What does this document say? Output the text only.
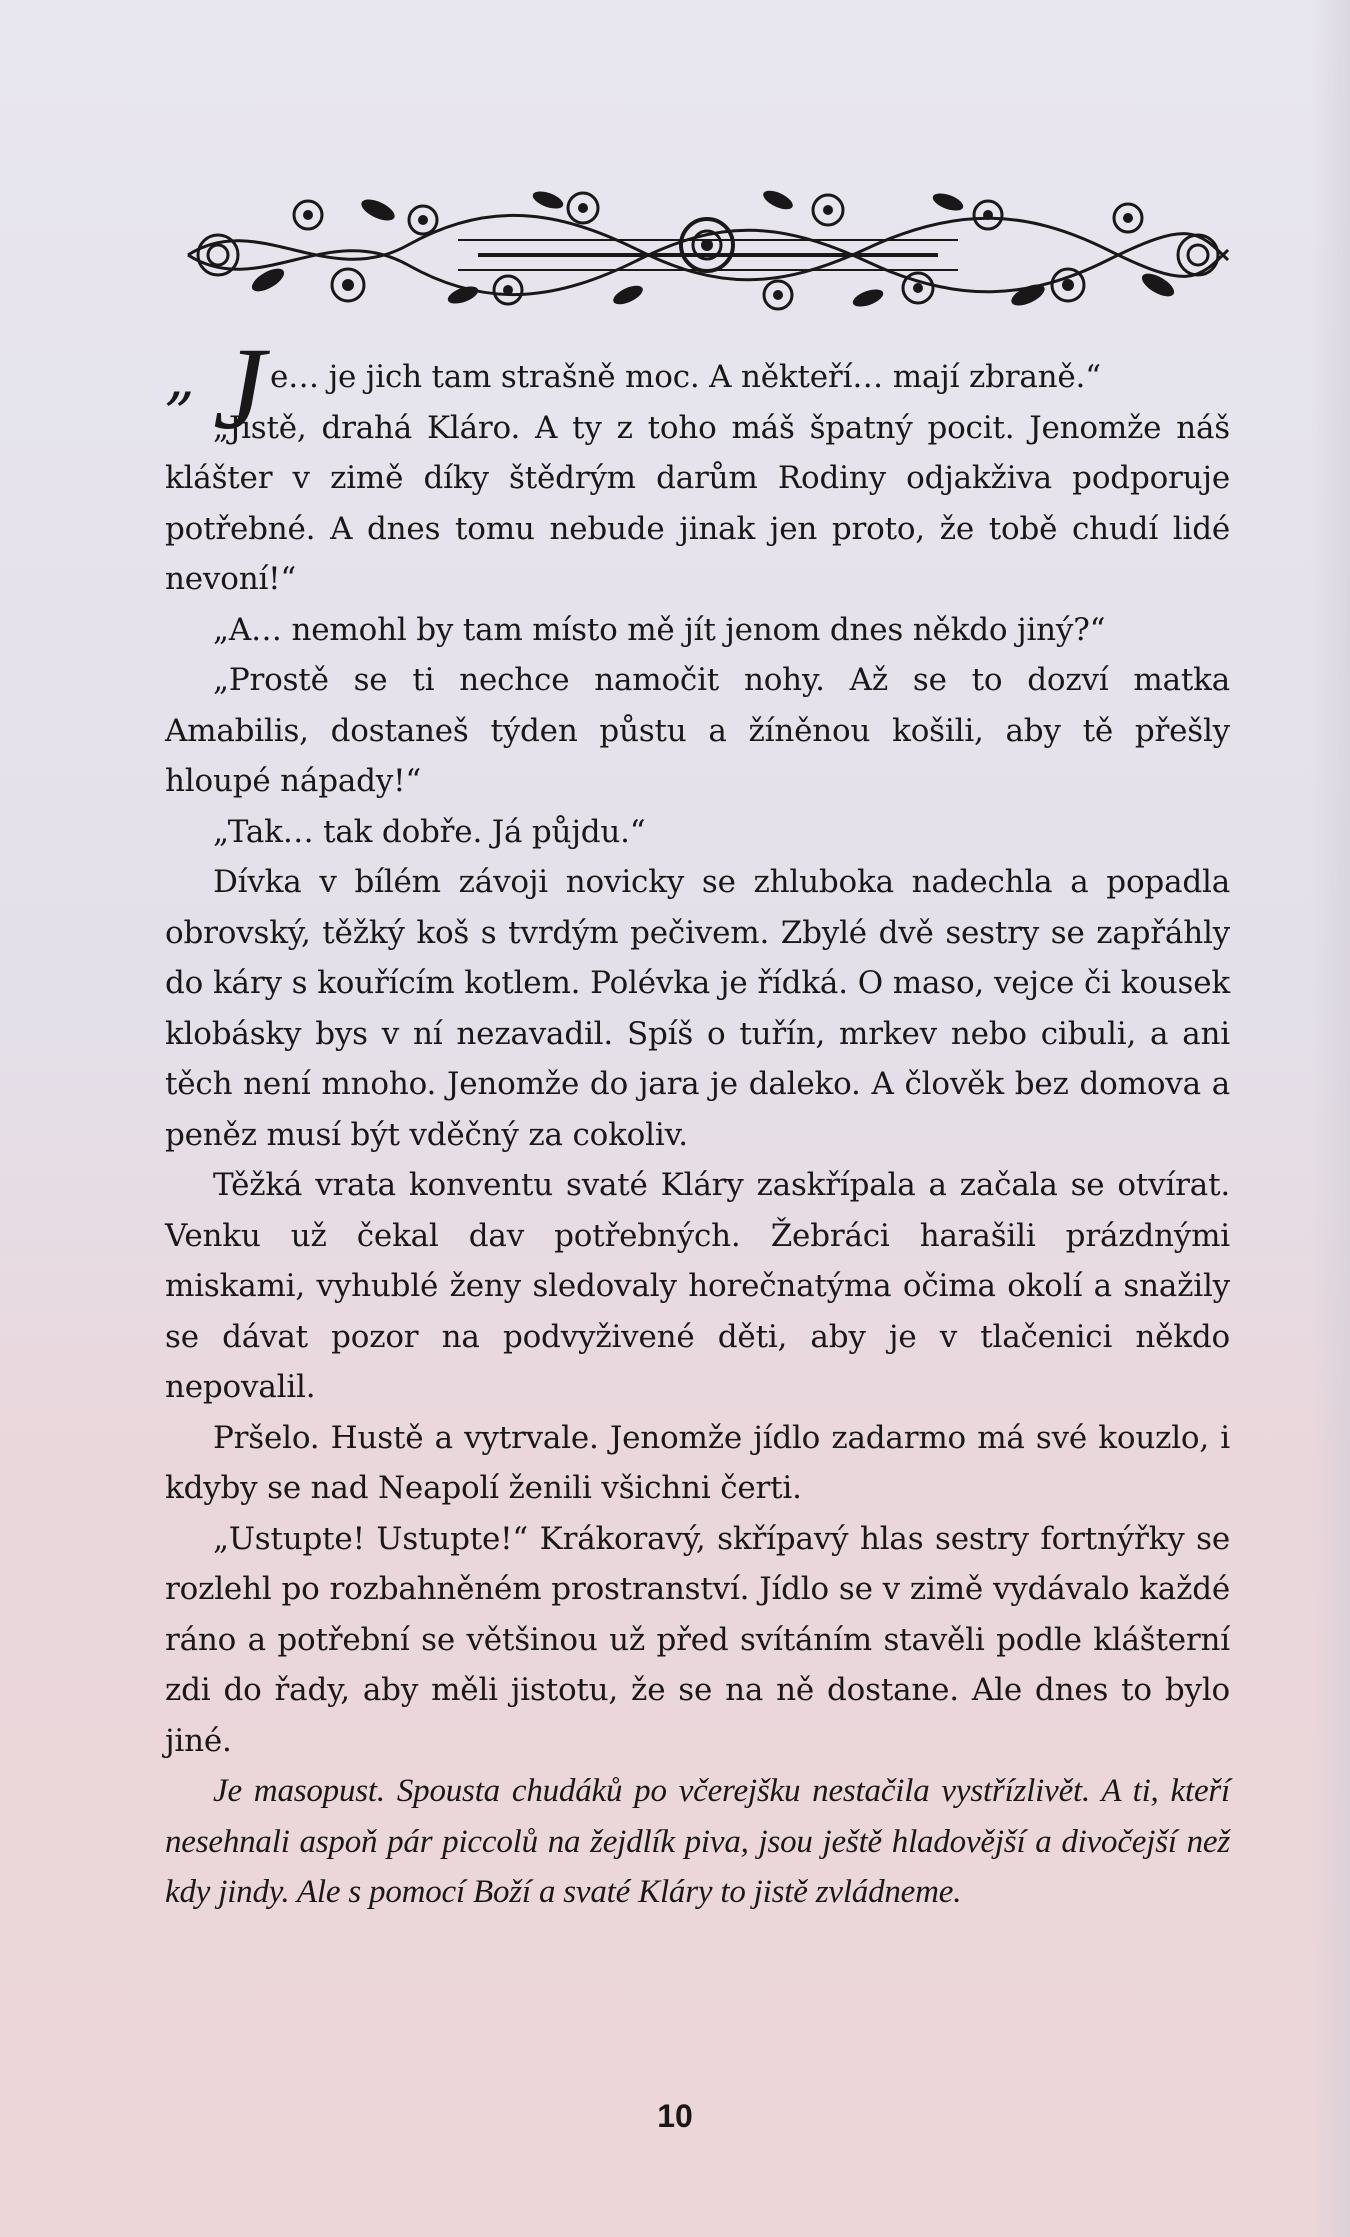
„ J e… je jich tam strašně moc. A někteří… mají zbraně.“

„Jistě, drahá Kláro. A ty z toho máš špatný pocit. Jenomže náš klášter v zimě díky štědrým darům Rodiny odjakživa podporuje potřebné. A dnes tomu nebude jinak jen proto, že tobě chudí lidé nevoní!“

„A… nemohl by tam místo mě jít jenom dnes někdo jiný?“

„Prostě se ti nechce namočit nohy. Až se to dozví matka Amabilis, dostaneš týden půstu a žíněnou košili, aby tě přešly hloupé nápady!“

„Tak… tak dobře. Já půjdu.“

Dívka v bílém závoji novicky se zhluboka nadechla a popadla obrovský, těžký koš s tvrdým pečivem. Zbylé dvě sestry se zapřáhly do káry s kouřícím kotlem. Polévka je řídká. O maso, vejce či kousek klobásky bys v ní nezavadil. Spíš o tuřín, mrkev nebo cibuli, a ani těch není mnoho. Jenomže do jara je daleko. A člověk bez domova a peněz musí být vděčný za cokoliv.

Těžká vrata konventu svaté Kláry zaskřípala a začala se otvírat. Venku už čekal dav potřebných. Žebráci harašili prázdnými miskami, vyhublé ženy sledovaly horečnatýma očima okolí a snažily se dávat pozor na podvyživené děti, aby je v tlačenici někdo nepovalil.

Pršelo. Hustě a vytrvale. Jenomže jídlo zadarmo má své kouzlo, i kdyby se nad Neapolí ženili všichni čerti.

„Ustupte! Ustupte!“ Krákoravý, skřípavý hlas sestry fortnýřky se rozlehl po rozbahněném prostranství. Jídlo se v zimě vydávalo každé ráno a potřební se většinou už před svítáním stavěli podle klášterní zdi do řady, aby měli jistotu, že se na ně dostane. Ale dnes to bylo jiné.

Je masopust. Spousta chudáků po včerejšku nestačila vystřízlivět. A ti, kteří nesehnali aspoň pár piccolů na žejdlík piva, jsou ještě hladovější a divočejší než kdy jindy. Ale s pomocí Boží a svaté Kláry to jistě zvládneme.

10
